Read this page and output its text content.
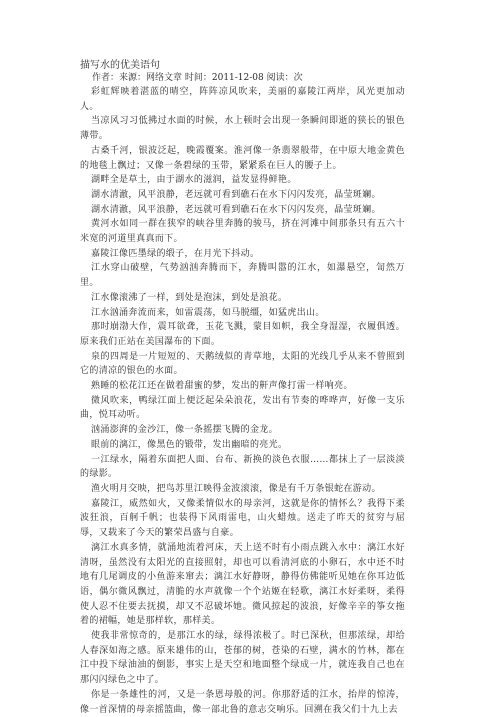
描写水的优美语句
作者：来源：网络文章 时间：2011-12-08 阅读：次

彩虹辉映着湛蓝的晴空，阵阵凉风吹来，美丽的嘉陵江两岸，风光更加动人。

当凉风习习低拂过水面的时候，水上顿时会出现一条瞬间即逝的狭长的银色薄带。

古桑千河，银波泛起，晚霞覆案。淮河像一条翡翠般带，在中原大地金黄色的地毯上飘过；又像一条碧绿的玉带，紧紧系在巨人的腰子上。

湖畔全是草土，由于湖水的滋润，益发显得鲜艳。

湖水清澈，风平浪静，老远就可看到礁石在水下闪闪发亮，晶莹斑斓。

湖水清澈，风平浪静，老远就可看到礁石在水下闪闪发亮，晶莹斑斓。

黄河水如同一群在狭窄的峡谷里奔腾的骏马，挤在河滩中间那条只有五六十米宽的河道里真真而下。

嘉陵江像匹墨绿的缎子，在月光下抖动。

江水穿山破壁，气势汹汹奔腾而下，奔腾叫嚣的江水，如瀑悬空，訇然万里。

江水像滚沸了一样，到处是泡沫，到处是浪花。

江水汹涌奔流而来，如雷震荡，如马脱缰，如猛虎出山。

那时崩渤大作，震耳欲聋，玉花飞溅，蒙目如帜，我全身湿湿，衣履俱透。原来我们正站在美国瀑布的下面。

泉的四周是一片短短的、天鹅绒似的青草地，太阳的光线几乎从来不曾照到它的清凉的银色的水面。

熟睡的松花江还在做着甜蜜的梦，发出的鼾声像打雷一样响亮。

微风吹来，鸭绿江面上便泛起朵朵浪花，发出有节奏的哗哗声，好像一支乐曲，悦耳动听。

汹涌澎湃的金沙江，像一条摇摆飞腾的金龙。

眼前的漓江，像黑色的锻带，发出幽暗的亮光。

一江绿水，隔着东面把人面、台布、新换的淡色衣服……都抹上了一层淡淡的绿影。

渔火明月交映，把鸟苏里江映得金波滚滚，像是有千万条银蛇在游动。

嘉陵江，威然如火，又像柔情似水的母亲河，这就是你的情怀么？我得下柔波狂浪，百舸千帆；也装得下风雨雷电，山火蜡烛。送走了昨天的贫穷与屈辱，又载来了今天的繁荣昌盛与自豪。

漓江水真多情，就涌地流着河床，天上送不时有小雨点跳入水中：漓江水好清呀，虽然没有太阳光的直接照射，却也可以看清河底的小卵石，水中还不时地有几尾调皮的小鱼游来窜去；漓江水好静呀，静得仿佛能听见她在你耳边低语，偶尔微风飘过，清脆的水声就像一个个站姬在轻歌，漓江水好柔呀，柔得使人忍不住要去抚摸，却又不忍破坏她。微风掠起的波浪，好像辛辛的筝女拖着的裙幅，她是那样软，那样美。

使我非常惊奇的，是那江水的绿，绿得浓极了。时已深秋，但那浓绿，却给人春深如海之感。原来雄伟的山，苍郁的树，苍染的石壁，满水的竹林，都在江中投下绿油油的倒影，事实上是天空和地面整个绿成一片，就连我自己也在那闪闪绿色之中了。

你是一条雄性的河，又是一条恩母般的河。你那舒适的江水，抬岸的惊涛，像一首深情的母亲摇篮曲，像一部北鲁的意志交响乐。回溯在我父们十九上去
